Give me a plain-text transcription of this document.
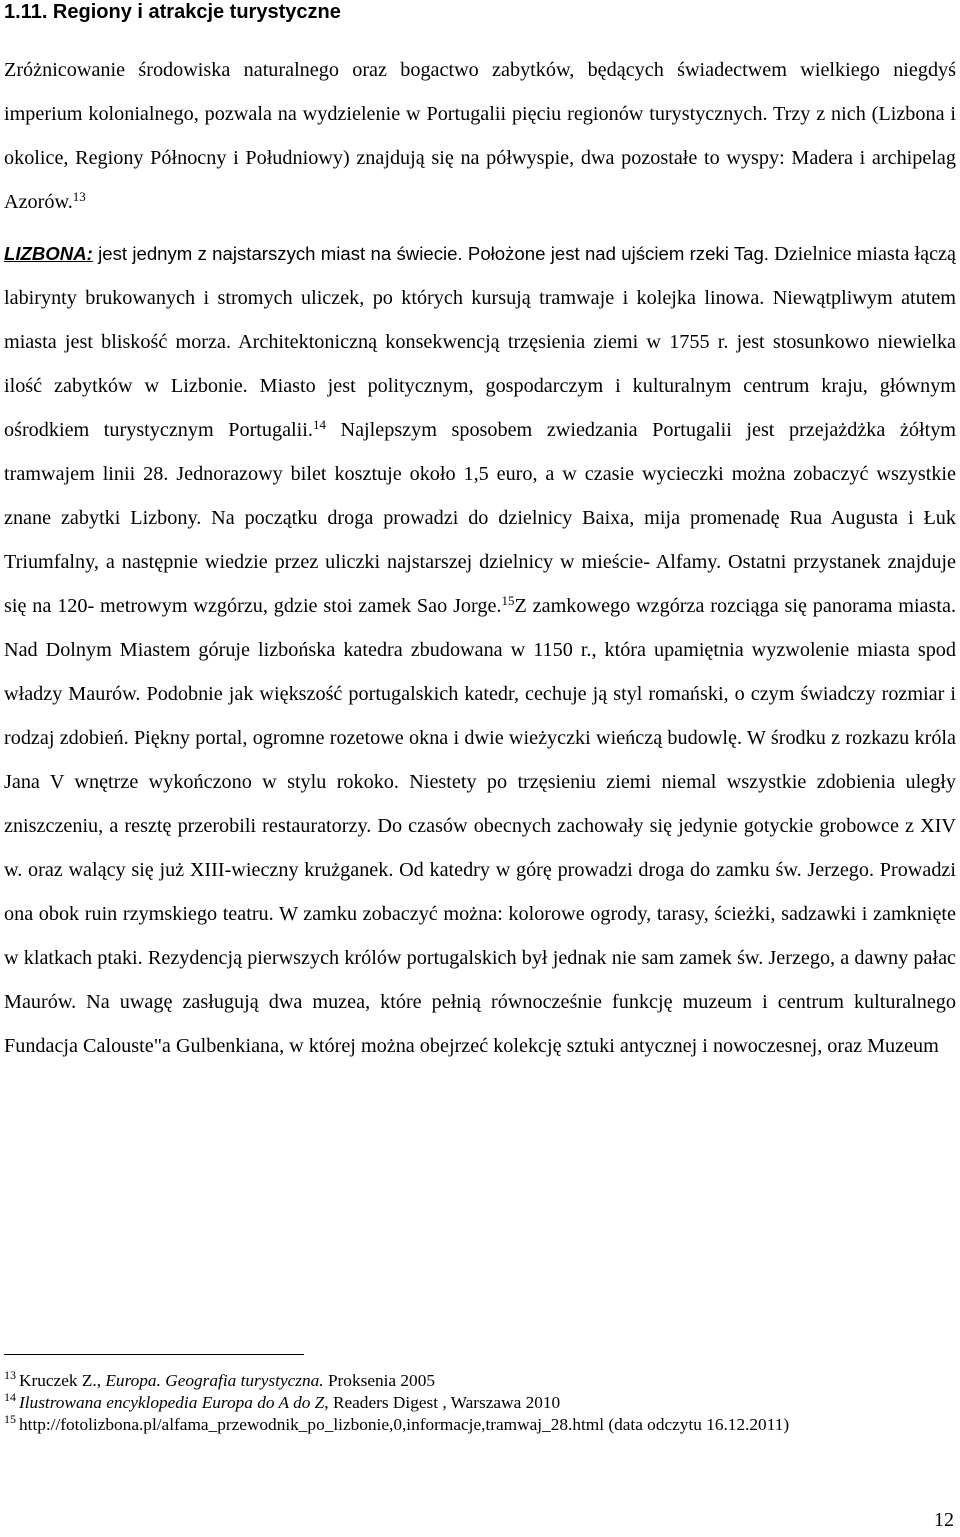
1.11. Regiony i atrakcje turystyczne

Zróżnicowanie środowiska naturalnego oraz bogactwo zabytków, będących świadectwem wielkiego niegdyś imperium kolonialnego, pozwala na wydzielenie w Portugalii pięciu regionów turystycznych. Trzy z nich (Lizbona i okolice, Regiony Północny i Południowy) znajdują się na półwyspie, dwa pozostałe to wyspy: Madera i archipelag Azorów.$^{13}$

LIZBONA: jest jednym z najstarszych miast na świecie. Położone jest nad ujściem rzeki Tag. Dzielnice miasta łączą labirynty brukowanych i stromych uliczek, po których kursują tramwaje i kolejka linowa. Niewątpliwym atutem miasta jest bliskość morza. Architektoniczną konsekwencją trzęsienia ziemi w 1755 r. jest stosunkowo niewielka ilość zabytków w Lizbonie. Miasto jest politycznym, gospodarczym i kulturalnym centrum kraju, głównym ośrodkiem turystycznym Portugalii.$^{14}$ Najlepszym sposobem zwiedzania Portugalii jest przejażdżka żółtym tramwajem linii 28. Jednorazowy bilet kosztuje około 1,5 euro, a w czasie wycieczki można zobaczyć wszystkie znane zabytki Lizbony. Na początku droga prowadzi do dzielnicy Baixa, mija promenadę Rua Augusta i Łuk Triumfalny, a następnie wiedzie przez uliczki najstarszej dzielnicy w mieście- Alfamy. Ostatni przystanek znajduje się na 120- metrowym wzgórzu, gdzie stoi zamek Sao Jorge.$^{15}$Z zamkowego wzgórza rozciąga się panorama miasta. Nad Dolnym Miastem góruje lizbońska katedra zbudowana w 1150 r., która upamiętnia wyzwolenie miasta spod władzy Maurów. Podobnie jak większość portugalskich katedr, cechuje ją styl romański, o czym świadczy rozmiar i rodzaj zdobień. Piękny portal, ogromne rozetowe okna i dwie wieżyczki wieńczą budowlę. W środku z rozkazu króla Jana V wnętrze wykończono w stylu rokoko. Niestety po trzęsieniu ziemi niemal wszystkie zdobienia uległy zniszczeniu, a resztę przerobili restauratorzy. Do czasów obecnych zachowały się jedynie gotyckie grobowce z XIV w. oraz walący się już XIII-wieczny krużganek. Od katedry w górę prowadzi droga do zamku św. Jerzego. Prowadzi ona obok ruin rzymskiego teatru. W zamku zobaczyć można: kolorowe ogrody, tarasy, ścieżki, sadzawki i zamknięte w klatkach ptaki. Rezydencją pierwszych królów portugalskich był jednak nie sam zamek św. Jerzego, a dawny pałac Maurów. Na uwagę zasługują dwa muzea, które pełnią równocześnie funkcję muzeum i centrum kulturalnego Fundacja Calouste"a Gulbenkiana, w której można obejrzeć kolekcję sztuki antycznej i nowoczesnej, oraz Muzeum

$^{13}$ Kruczek Z., Europa. Geografia turystyczna. Proksenia 2005
$^{14}$ Ilustrowana encyklopedia Europa do A do Z, Readers Digest , Warszawa 2010
$^{15}$ http://fotolizbona.pl/alfama_przewodnik_po_lizbonie,0,informacje,tramwaj_28.html (data odczytu 16.12.2011)
12
